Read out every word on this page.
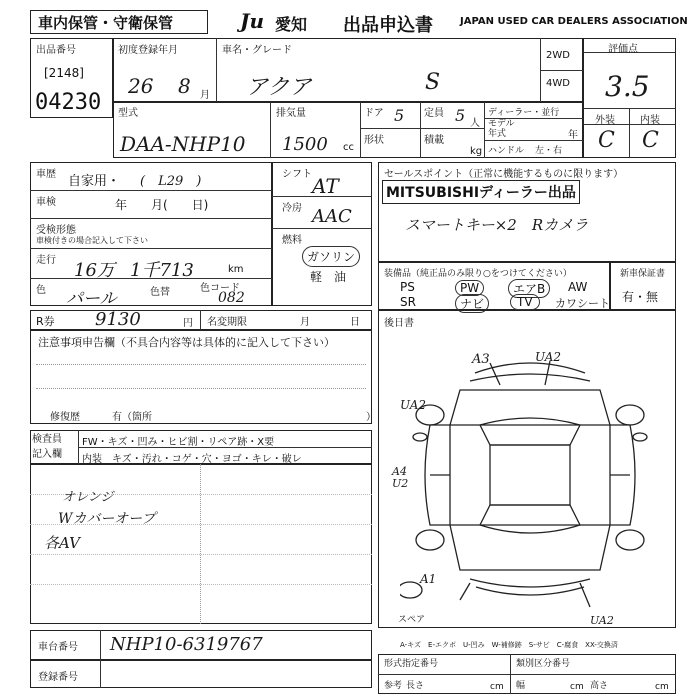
車内保管・守衛保管	Ju 愛知 出品申込書	JAPAN USED CAR DEALERS ASSOCIATION
出品番号
[2148]
04230
初度登録年月
26 8 月
車名・グレード
アクア	S
2WD
4WD
評価点
3.5
外装	内装
C C
型式
DAA-NHP10
排気量
1500 cc
ドア 5 定員 5 人
形状	積載
kg
ディーラー・並行
モデル
年式	年
ハンドル 左・右
車歴 自家用・ (　L29　)
車検	年　　月(　　日)
受検形態
車検付きの場合記入して下さい
走行 16万 1千713	km
色 パール	色替	色コード
082
シフト AT
冷房 AAC
燃料
ガソリン
軽　油
セールスポイント（正常に機能するものに限ります）
MITSUBISHIディーラー出品
スマートキー×2　Rカメラ
装備品（純正品のみ限り○をつけてください）
PS	PW	エアB	AW
SR	ナビ	TV	カワシート
新車保証書
有・無
R券 9130	円 名変期限	月	日
注意事項申告欄（不具合内容等は具体的に記入して下さい）
修復歴	有（箇所	）
検査員
記入欄
FW・キズ・凹み・ヒビ割・リペア跡・X要
内装　キズ・汚れ・コゲ・穴・ヨゴ・キレ・破レ
オレンジ
Wカバーオープ
各AV
後日書
A3	UA2
UA2
A4 U2
A1
UA2
スペア
A-キズ　E-エクボ　U-凹み　W-補修跡　S-サビ　C-腐食　XX-交換済
車台番号 NHP10-6319767
登録番号
形式指定番号	類別区分番号
参考 長さ	cm 幅	cm 高さ	cm
